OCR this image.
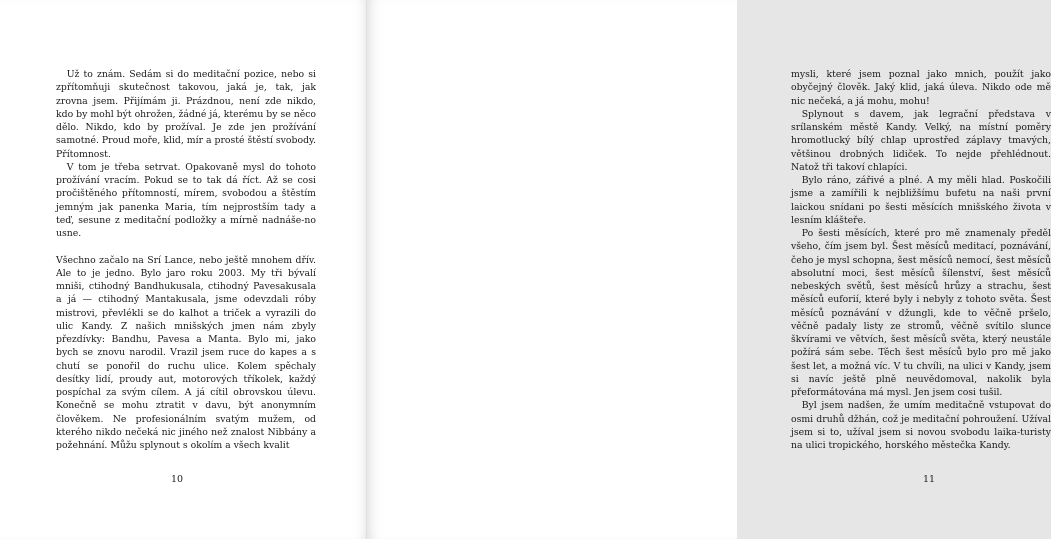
Už to znám. Sedám si do meditační pozice, nebo si zpřítomňuji skutečnost takovou, jaká je, tak, jak zrovna jsem. Přijímám ji. Prázdnou, není zde nikdo, kdo by mohl být ohrožen, žádné já, kterému by se něco dělo. Nikdo, kdo by prožíval. Je zde jen prožívání samotné. Proud moře, klid, mír a prosté štěstí svobody. Přítomnost.

V tom je třeba setrvat. Opakovaně mysl do tohoto prožívání vracím. Pokud se to tak dá říct. Až se cosi pročištěného přítomností, mírem, svobodou a štěstím jemným jak panenka Maria, tím nejprostším tady a teď, sesune z meditační podložky a mírně nadnáše-no usne.

Všechno začalo na Srí Lance, nebo ještě mnohem dřív. Ale to je jedno. Bylo jaro roku 2003. My tři bývalí mniši, ctihodný Bandhukusala, ctihodný Pavesakusala a já — ctihodný Mantakusala, jsme odevzdali róby mistrovi, převlékli se do kalhot a triček a vyrazili do ulic Kandy. Z našich mnišských jmen nám zbyly přezdívky: Bandhu, Pavesa a Manta. Bylo mi, jako bych se znovu narodil. Vrazil jsem ruce do kapes a s chutí se ponořil do ruchu ulice. Kolem spěchaly desítky lidí, proudy aut, motorových tříkolek, každý pospíchal za svým cílem. A já cítil obrovskou úlevu. Konečně se mohu ztratit v davu, být anonymním člověkem. Ne profesionálním svatým mužem, od kterého nikdo nečeká nic jiného než znalost Nibbány a požehnání. Můžu splynout s okolím a všech kvalit

10

mysli, které jsem poznal jako mnich, použít jako obyčejný člověk. Jaký klid, jaká úleva. Nikdo ode mě nic nečeká, a já mohu, mohu!

Splynout s davem, jak legrační představa v srílanském městě Kandy. Velký, na místní poměry hromotlucký bílý chlap uprostřed záplavy tmavých, většinou drobných lidiček. To nejde přehlédnout. Natož tři takoví chlapíci.

Bylo ráno, zářivé a plné. A my měli hlad. Poskočili jsme a zamířili k nejbližšímu bufetu na naši první laickou snídani po šesti měsících mnišského života v lesním klášteře.

Po šesti měsících, které pro mě znamenaly předěl všeho, čím jsem byl. Šest měsíců meditací, poznávání, čeho je mysl schopna, šest měsíců nemocí, šest měsíců absolutní moci, šest měsíců šílenství, šest měsíců nebeských světů, šest měsíců hrůzy a strachu, šest měsíců euforií, které byly i nebyly z tohoto světa. Šest měsíců poznávání v džungli, kde to věčně pršelo, věčně padaly listy ze stromů, věčně svítilo slunce škvírami ve větvích, šest měsíců světa, který neustále požírá sám sebe. Těch šest měsíců bylo pro mě jako šest let, a možná víc. V tu chvíli, na ulici v Kandy, jsem si navíc ještě plně neuvědomoval, nakolik byla přeformátována má mysl. Jen jsem cosi tušil.

Byl jsem nadšen, že umím meditačně vstupovat do osmi druhů džhán, což je meditační pohroužení. Užíval jsem si to, užíval jsem si novou svobodu laika-turisty na ulici tropického, horského městečka Kandy.

11
